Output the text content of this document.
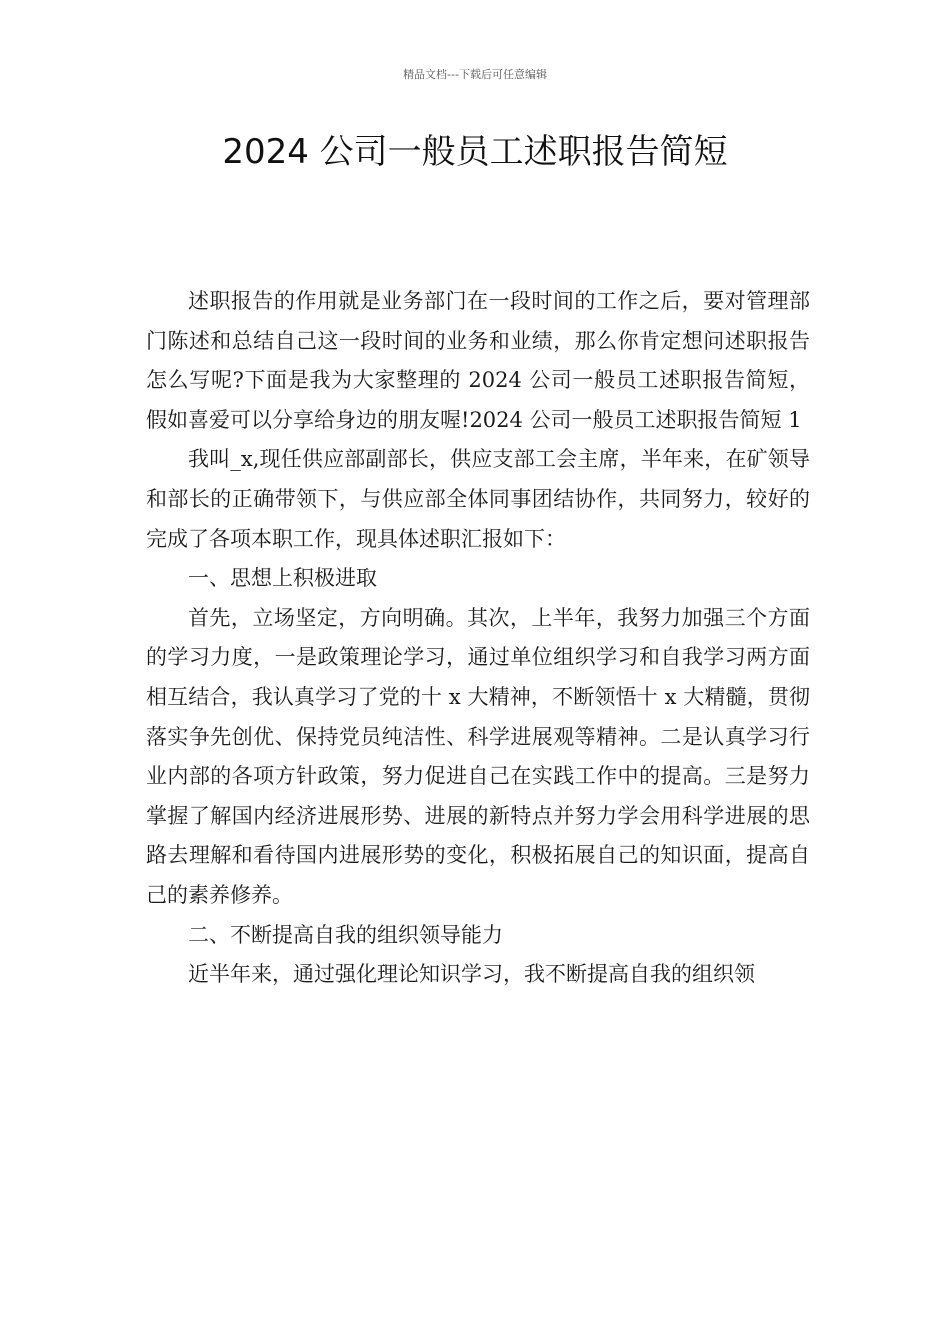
精品文档---下载后可任意编辑
2024 公司一般员工述职报告简短

述职报告的作用就是业务部门在一段时间的工作之后，要对管理部门陈述和总结自己这一段时间的业务和业绩，那么你肯定想问述职报告怎么写呢?下面是我为大家整理的 2024 公司一般员工述职报告简短，假如喜爱可以分享给身边的朋友喔!2024 公司一般员工述职报告简短 1

我叫_x,现任供应部副部长，供应支部工会主席，半年来，在矿领导和部长的正确带领下，与供应部全体同事团结协作，共同努力，较好的完成了各项本职工作，现具体述职汇报如下：

一、思想上积极进取

首先，立场坚定，方向明确。其次，上半年，我努力加强三个方面的学习力度，一是政策理论学习，通过单位组织学习和自我学习两方面相互结合，我认真学习了党的十 x 大精神，不断领悟十 x 大精髓，贯彻落实争先创优、保持党员纯洁性、科学进展观等精神。二是认真学习行业内部的各项方针政策，努力促进自己在实践工作中的提高。三是努力掌握了解国内经济进展形势、进展的新特点并努力学会用科学进展的思路去理解和看待国内进展形势的变化，积极拓展自己的知识面，提高自己的素养修养。

二、不断提高自我的组织领导能力

近半年来，通过强化理论知识学习，我不断提高自我的组织领
